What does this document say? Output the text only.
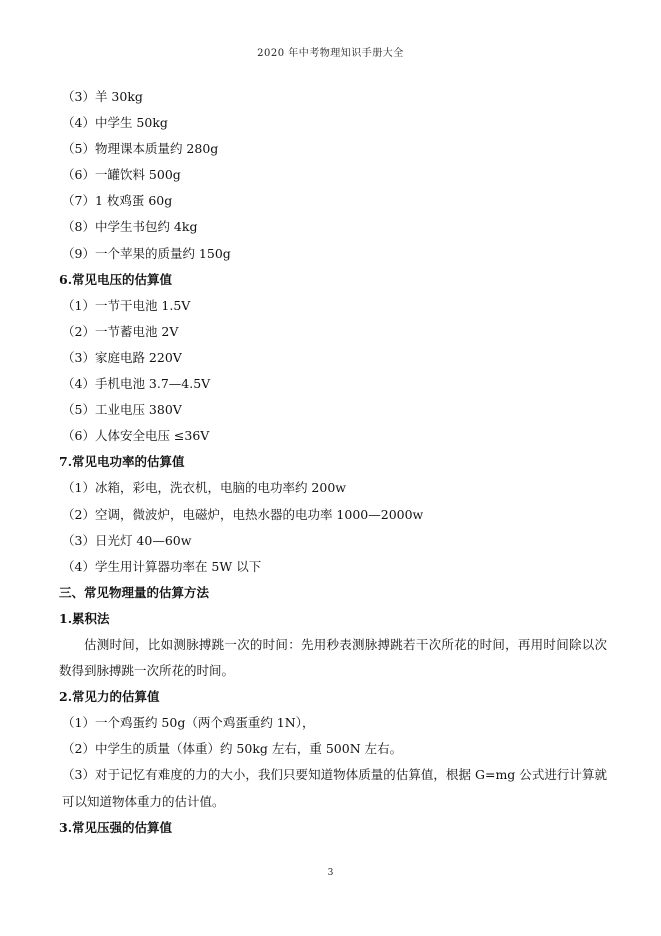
2020 年中考物理知识手册大全
（3）羊 30kg
（4）中学生 50kg
（5）物理课本质量约 280g
（6）一罐饮料 500g
（7）1 枚鸡蛋 60g
（8）中学生书包约 4kg
（9）一个苹果的质量约 150g
6.常见电压的估算值
（1）一节干电池 1.5V
（2）一节蓄电池 2V
（3）家庭电路 220V
（4）手机电池 3.7—4.5V
（5）工业电压 380V
（6）人体安全电压 ≤36V
7.常见电功率的估算值
（1）冰箱，彩电，洗衣机，电脑的电功率约 200w
（2）空调，微波炉，电磁炉，电热水器的电功率 1000—2000w
（3）日光灯 40—60w
（4）学生用计算器功率在 5W 以下
三、常见物理量的估算方法
1.累积法
估测时间，比如测脉搏跳一次的时间：先用秒表测脉搏跳若干次所花的时间，再用时间除以次数得到脉搏跳一次所花的时间。
2.常见力的估算值
（1）一个鸡蛋约 50g（两个鸡蛋重约 1N），
（2）中学生的质量（体重）约 50kg 左右，重 500N 左右。
（3）对于记忆有难度的力的大小，我们只要知道物体质量的估算值，根据 G=mg 公式进行计算就可以知道物体重力的估计值。
3.常见压强的估算值
3
